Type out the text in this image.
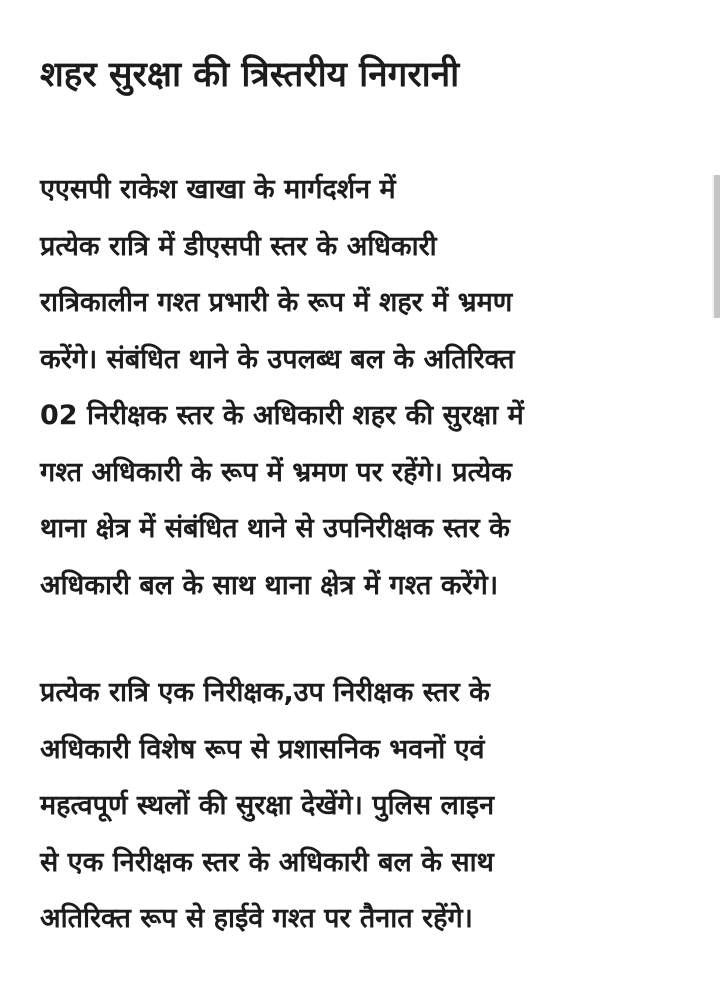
शहर सुरक्षा की त्रिस्तरीय निगरानी

एएसपी राकेश खाखा के मार्गदर्शन में
प्रत्येक रात्रि में डीएसपी स्तर के अधिकारी
रात्रिकालीन गश्त प्रभारी के रूप में शहर में भ्रमण
करेंगे। संबंधित थाने के उपलब्ध बल के अतिरिक्त
02 निरीक्षक स्तर के अधिकारी शहर की सुरक्षा में
गश्त अधिकारी के रूप में भ्रमण पर रहेंगे। प्रत्येक
थाना क्षेत्र में संबंधित थाने से उपनिरीक्षक स्तर के
अधिकारी बल के साथ थाना क्षेत्र में गश्त करेंगे।

प्रत्येक रात्रि एक निरीक्षक,उप निरीक्षक स्तर के
अधिकारी विशेष रूप से प्रशासनिक भवनों एवं
महत्वपूर्ण स्थलों की सुरक्षा देखेंगे। पुलिस लाइन
से एक निरीक्षक स्तर के अधिकारी बल के साथ
अतिरिक्त रूप से हाईवे गश्त पर तैनात रहेंगे।
